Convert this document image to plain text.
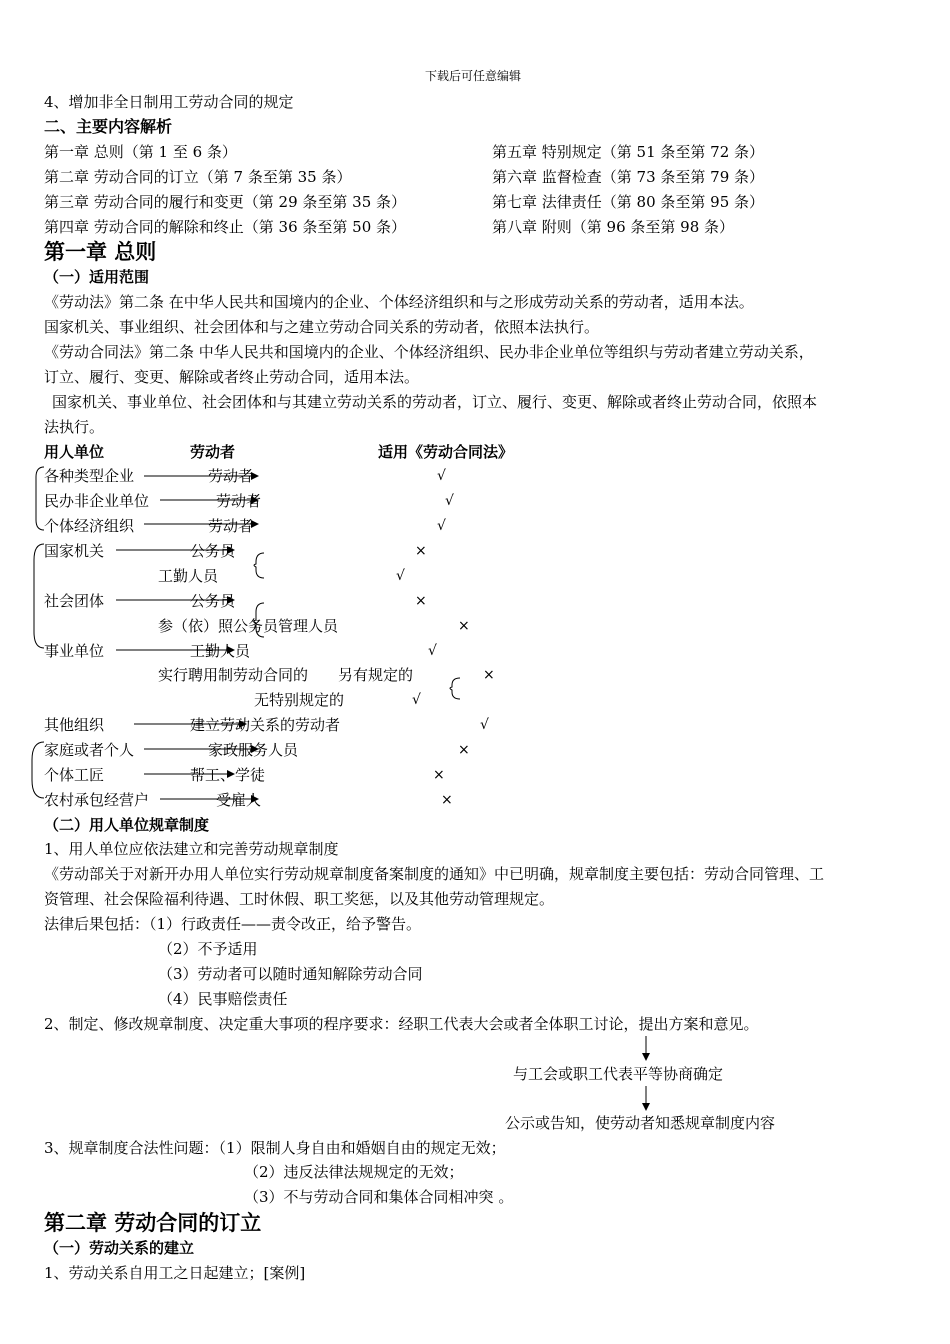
下载后可任意编辑
4、增加非全日制用工劳动合同的规定
二、主要内容解析
第一章 总则（第 1 至 6 条）
第二章 劳动合同的订立（第 7 条至第 35 条）
第三章 劳动合同的履行和变更（第 29 条至第 35 条）
第四章 劳动合同的解除和终止（第 36 条至第 50 条）
第五章 特别规定（第 51 条至第 72 条）
第六章 监督检查（第 73 条至第 79 条）
第七章 法律责任（第 80 条至第 95 条）
第八章 附则（第 96 条至第 98 条）
第一章 总则
（一）适用范围
《劳动法》第二条 在中华人民共和国境内的企业、个体经济组织和与之形成劳动关系的劳动者，适用本法。
国家机关、事业组织、社会团体和与之建立劳动合同关系的劳动者，依照本法执行。
《劳动合同法》第二条 中华人民共和国境内的企业、个体经济组织、民办非企业单位等组织与劳动者建立劳动关系，
订立、履行、变更、解除或者终止劳动合同，适用本法。
国家机关、事业单位、社会团体和与其建立劳动关系的劳动者，订立、履行、变更、解除或者终止劳动合同，依照本
法执行。
用人单位	劳动者	适用《劳动合同法》
各种类型企业
民办非企业单位
个体经济组织
国家机关
社会团体
事业单位
其他组织
家庭或者个人
个体工匠
农村承包经营户
劳动者
劳动者
劳动者
公务员
工勤人员
公务员
参（依）照公务员管理人员
工勤人员
实行聘用制劳动合同的 另有规定的
无特别规定的
建立劳动关系的劳动者
家政服务人员
帮工、学徒
受雇人
√
√
√
×
√
×
×
√
×
√
√
×
×
×
（二）用人单位规章制度
1、用人单位应依法建立和完善劳动规章制度
《劳动部关于对新开办用人单位实行劳动规章制度备案制度的通知》中已明确，规章制度主要包括：劳动合同管理、工
资管理、社会保险福利待遇、工时休假、职工奖惩，以及其他劳动管理规定。
法律后果包括：（1）行政责任——责令改正，给予警告。
（2）不予适用
（3）劳动者可以随时通知解除劳动合同
（4）民事赔偿责任
2、制定、修改规章制度、决定重大事项的程序要求：经职工代表大会或者全体职工讨论，提出方案和意见。
与工会或职工代表平等协商确定
公示或告知，使劳动者知悉规章制度内容
3、规章制度合法性问题：（1）限制人身自由和婚姻自由的规定无效；
（2）违反法律法规规定的无效；
（3）不与劳动合同和集体合同相冲突 。
第二章 劳动合同的订立
（一）劳动关系的建立
1、劳动关系自用工之日起建立；[案例]
